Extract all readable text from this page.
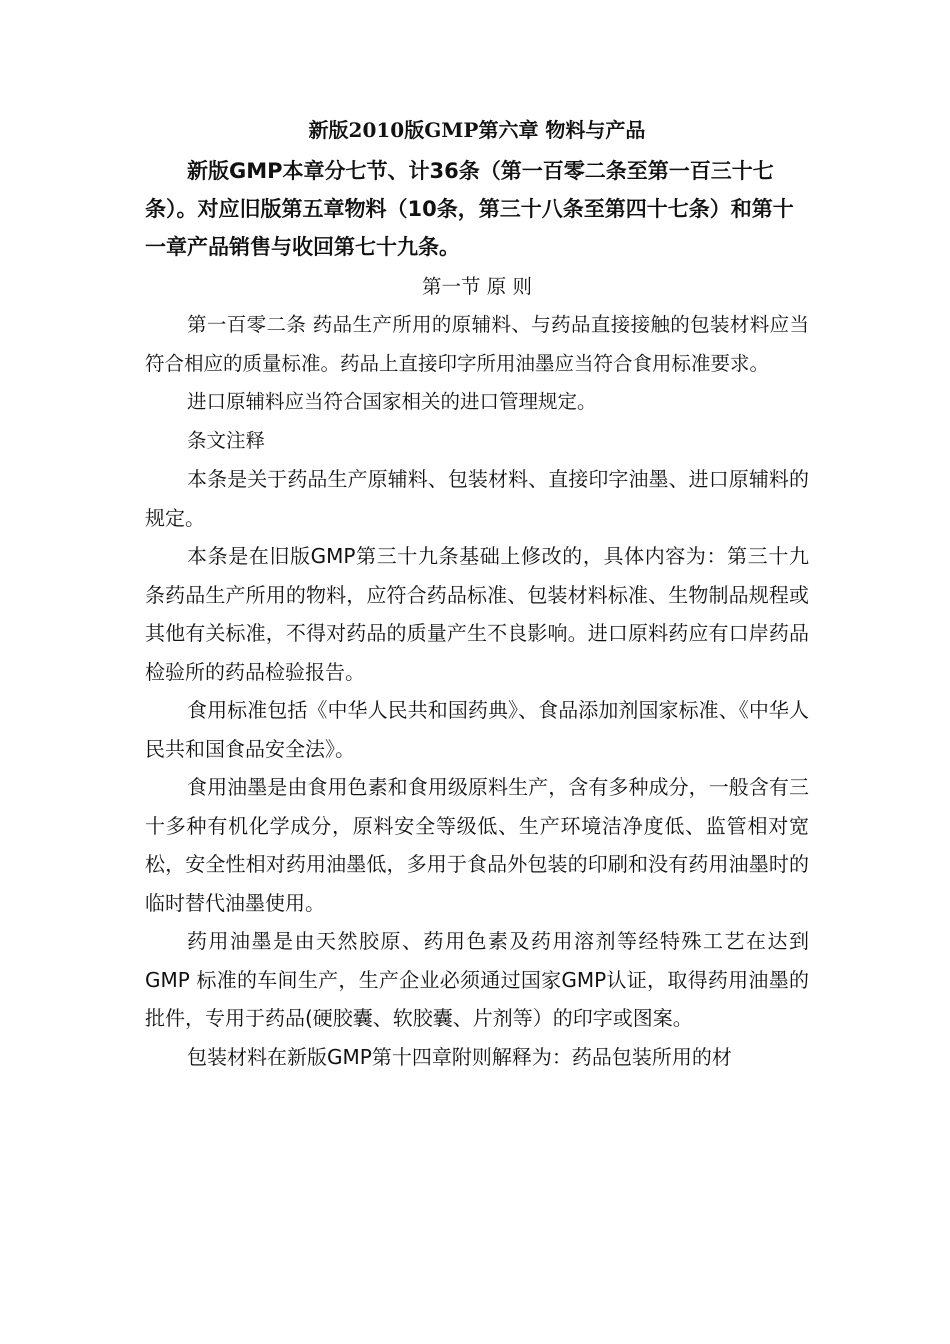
新版2010版GMP第六章 物料与产品

新版GMP本章分七节、计36条（第一百零二条至第一百三十七条）。对应旧版第五章物料（10条，第三十八条至第四十七条）和第十一章产品销售与收回第七十九条。

第一节 原 则

第一百零二条 药品生产所用的原辅料、与药品直接接触的包装材料应当符合相应的质量标准。药品上直接印字所用油墨应当符合食用标准要求。

进口原辅料应当符合国家相关的进口管理规定。

条文注释

本条是关于药品生产原辅料、包装材料、直接印字油墨、进口原辅料的规定。

本条是在旧版GMP第三十九条基础上修改的，具体内容为：第三十九条药品生产所用的物料，应符合药品标准、包装材料标准、生物制品规程或其他有关标准，不得对药品的质量产生不良影响。进口原料药应有口岸药品检验所的药品检验报告。

食用标准包括《中华人民共和国药典》、食品添加剂国家标准、《中华人民共和国食品安全法》。

食用油墨是由食用色素和食用级原料生产，含有多种成分，一般含有三十多种有机化学成分，原料安全等级低、生产环境洁净度低、监管相对宽松，安全性相对药用油墨低，多用于食品外包装的印刷和没有药用油墨时的临时替代油墨使用。

药用油墨是由天然胶原、药用色素及药用溶剂等经特殊工艺在达到GMP 标准的车间生产，生产企业必须通过国家GMP认证，取得药用油墨的批件，专用于药品(硬胶囊、软胶囊、片剂等）的印字或图案。

包装材料在新版GMP第十四章附则解释为：药品包装所用的材
